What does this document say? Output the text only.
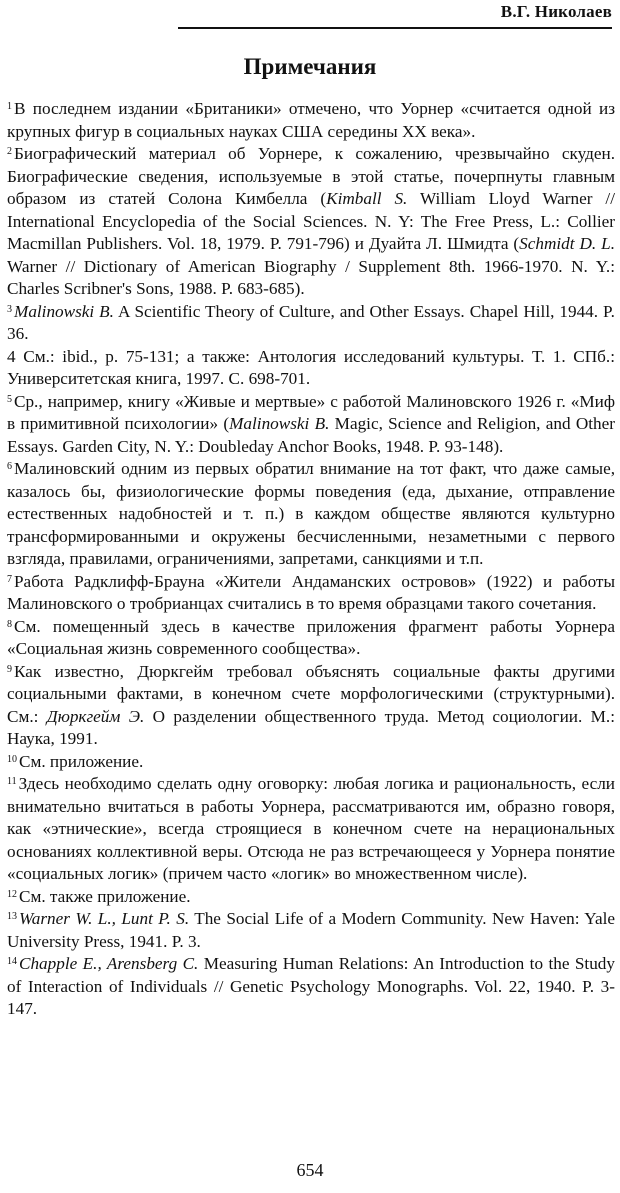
В.Г. Николаев
Примечания

$^1$ В последнем издании «Британики» отмечено, что Уорнер «считается одной из крупных фигур в социальных науках США середины XX века».

$^2$ Биографический материал об Уорнере, к сожалению, чрезвычайно скуден. Биографические сведения, используемые в этой статье, почерпнуты главным образом из статей Солона Кимбелла (Kimball S. William Lloyd Warner // International Encyclopedia of the Social Sciences. N. Y: The Free Press, L.: Collier Macmillan Publishers. Vol. 18, 1979. P. 791-796) и Дуайта Л. Шмидта (Schmidt D. L. Warner // Dictionary of American Biography / Supplement 8th. 1966-1970. N. Y.: Charles Scribner's Sons, 1988. P. 683-685).

$^3$ Malinowski B. A Scientific Theory of Culture, and Other Essays. Chapel Hill, 1944. P. 36.

4 См.: ibid., p. 75-131; а также: Антология исследований культуры. Т. 1. СПб.: Университетская книга, 1997. С. 698-701.

$^5$ Ср., например, книгу «Живые и мертвые» с работой Малиновского 1926 г. «Миф в примитивной психологии» (Malinowski B. Magic, Science and Religion, and Other Essays. Garden City, N. Y.: Doubleday Anchor Books, 1948. P. 93-148).

$^6$ Малиновский одним из первых обратил внимание на тот факт, что даже самые, казалось бы, физиологические формы поведения (еда, дыхание, отправление естественных надобностей и т. п.) в каждом обществе являются культурно трансформированными и окружены бесчисленными, незаметными с первого взгляда, правилами, ограничениями, запретами, санкциями и т.п.

$^7$ Работа Радклифф-Брауна «Жители Андаманских островов» (1922) и работы Малиновского о тробрианцах считались в то время образцами такого сочетания.

$^8$ См. помещенный здесь в качестве приложения фрагмент работы Уорнера «Социальная жизнь современного сообщества».

$^9$ Как известно, Дюркгейм требовал объяснять социальные факты другими социальными фактами, в конечном счете морфологическими (структурными). См.: Дюркгейм Э. О разделении общественного труда. Метод социологии. М.: Наука, 1991.

$^{10}$ См. приложение.

$^{11}$ Здесь необходимо сделать одну оговорку: любая логика и рациональность, если внимательно вчитаться в работы Уорнера, рассматриваются им, образно говоря, как «этнические», всегда строящиеся в конечном счете на нерациональных основаниях коллективной веры. Отсюда не раз встречающееся у Уорнера понятие «социальных логик» (причем часто «логик» во множественном числе).

$^{12}$ См. также приложение.

$^{13}$ Warner W. L., Lunt P. S. The Social Life of a Modern Community. New Haven: Yale University Press, 1941. P. 3.

$^{14}$ Chapple E., Arensberg C. Measuring Human Relations: An Introduction to the Study of Interaction of Individuals // Genetic Psychology Monographs. Vol. 22, 1940. P. 3-147.

654
